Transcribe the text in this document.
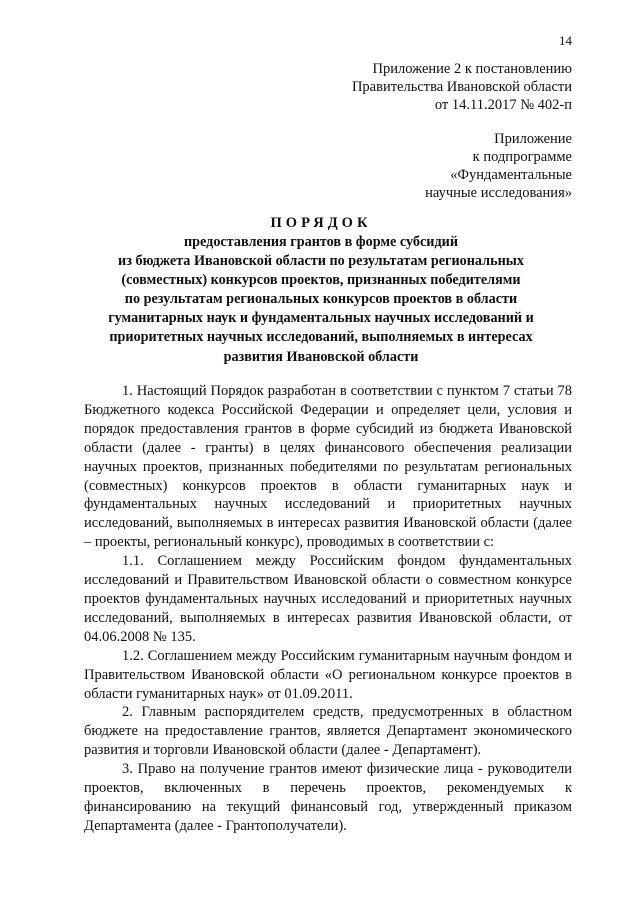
14
Приложение 2 к постановлению
Правительства Ивановской области
от 14.11.2017 № 402-п
Приложение
к подпрограмме
«Фундаментальные
научные исследования»
ПОРЯДОК
предоставления грантов в форме субсидий
из бюджета Ивановской области по результатам региональных
(совместных) конкурсов проектов, признанных победителями
по результатам региональных конкурсов проектов в области
гуманитарных наук и фундаментальных научных исследований и
приоритетных научных исследований, выполняемых в интересах
развития Ивановской области

1. Настоящий Порядок разработан в соответствии с пунктом 7 статьи 78 Бюджетного кодекса Российской Федерации и определяет цели, условия и порядок предоставления грантов в форме субсидий из бюджета Ивановской области (далее - гранты) в целях финансового обеспечения реализации научных проектов, признанных победителями по результатам региональных (совместных) конкурсов проектов в области гуманитарных наук и фундаментальных научных исследований и приоритетных научных исследований, выполняемых в интересах развития Ивановской области (далее – проекты, региональный конкурс), проводимых в соответствии с:

1.1. Соглашением между Российским фондом фундаментальных исследований и Правительством Ивановской области о совместном конкурсе проектов фундаментальных научных исследований и приоритетных научных исследований, выполняемых в интересах развития Ивановской области, от 04.06.2008 № 135.

1.2. Соглашением между Российским гуманитарным научным фондом и Правительством Ивановской области «О региональном конкурсе проектов в области гуманитарных наук» от 01.09.2011.

2. Главным распорядителем средств, предусмотренных в областном бюджете на предоставление грантов, является Департамент экономического развития и торговли Ивановской области (далее - Департамент).

3. Право на получение грантов имеют физические лица - руководители проектов, включенных в перечень проектов, рекомендуемых к финансированию на текущий финансовый год, утвержденный приказом Департамента (далее - Грантополучатели).
